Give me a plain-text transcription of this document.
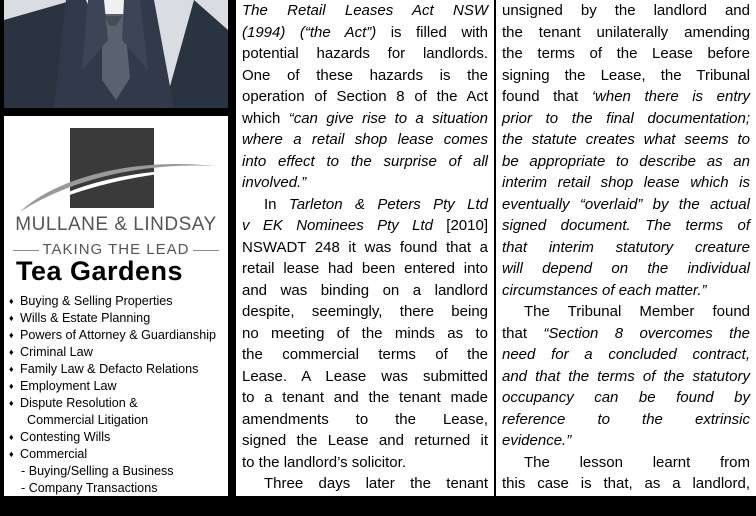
MULLANE & LINDSAY
TAKING THE LEAD
Tea Gardens
♦ Buying & Selling Properties
♦ Wills & Estate Planning
♦ Powers of Attorney & Guardianship
♦ Criminal Law
♦ Family Law & Defacto Relations
♦ Employment Law
♦ Dispute Resolution &
Commercial Litigation
♦ Contesting Wills
♦ Commercial
- Buying/Selling a Business
- Company Transactions

The Retail Leases Act NSW

(1994) (“the Act”) is filled with

potential hazards for landlords.

One of these hazards is the

operation of Section 8 of the Act

which “can give rise to a situation

where a retail shop lease comes

into effect to the surprise of all

involved.”

In Tarleton & Peters Pty Ltd

v EK Nominees Pty Ltd [2010]

NSWADT 248 it was found that a

retail lease had been entered into

and was binding on a landlord

despite, seemingly, there being

no meeting of the minds as to

the commercial terms of the

Lease. A Lease was submitted

to a tenant and the tenant made

amendments to the Lease,

signed the Lease and returned it

to the landlord’s solicitor.

Three days later the tenant

took possession of the premises.

unsigned by the landlord and

the tenant unilaterally amending

the terms of the Lease before

signing the Lease, the Tribunal

found that ‘when there is entry

prior to the final documentation;

the statute creates what seems to

be appropriate to describe as an

interim retail shop lease which is

eventually “overlaid” by the actual

signed document. The terms of

that interim statutory creature

will depend on the individual

circumstances of each matter.”

The Tribunal Member found

that “Section 8 overcomes the

need for a concluded contract,

and that the terms of the statutory

occupancy can be found by

reference to the extrinsic

evidence.”

The lesson learnt from

this case is that, as a landlord,

you must be very careful that
